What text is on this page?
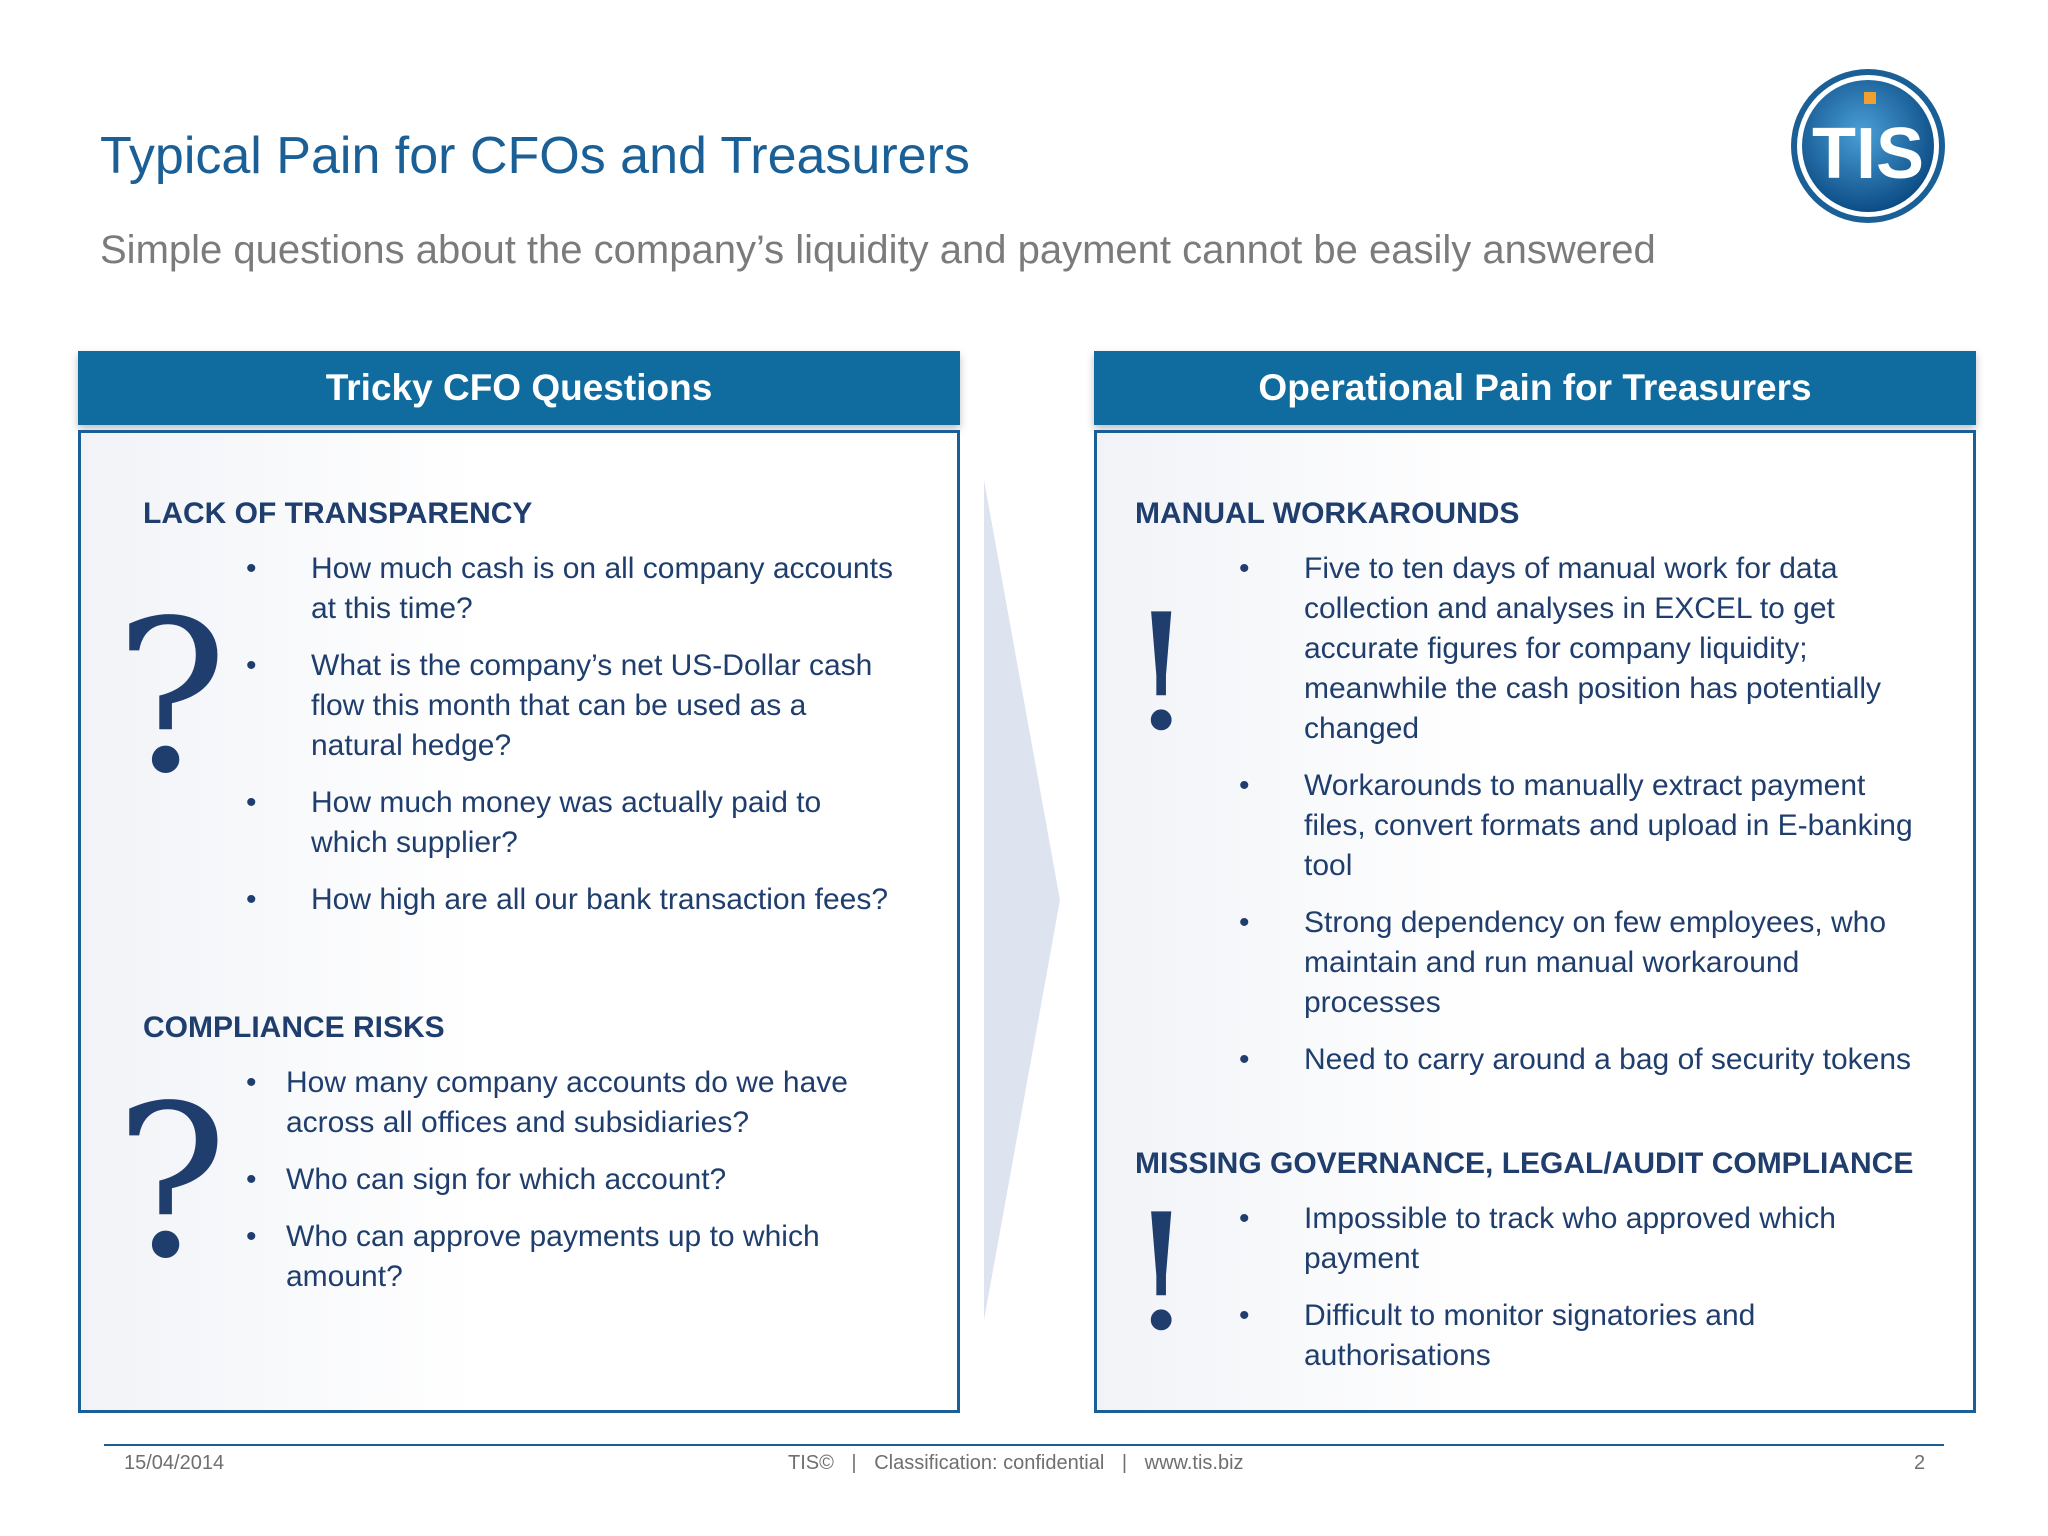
Typical Pain for CFOs and Treasurers
Simple questions about the company’s liquidity and payment cannot be easily answered
TIS
Tricky CFO Questions
LACK OF TRANSPARENCY
?
• How much cash is on all company accounts at this time?
• What is the company’s net US-Dollar cash flow this month that can be used as a natural hedge?
• How much money was actually paid to which supplier?
• How high are all our bank transaction fees?
COMPLIANCE RISKS
?	• How many company accounts do we have across all offices and subsidiaries?
• Who can sign for which account?
• Who can approve payments up to which amount?
Operational Pain for Treasurers
MANUAL WORKAROUNDS
!
• Five to ten days of manual work for data collection and analyses in EXCEL to get accurate figures for company liquidity; meanwhile the cash position has potentially changed
• Workarounds to manually extract payment files, convert formats and upload in E-banking tool
• Strong dependency on few employees, who maintain and run manual workaround processes
• Need to carry around a bag of security tokens
MISSING GOVERNANCE, LEGAL/AUDIT COMPLIANCE
!	• Impossible to track who approved which payment
• Difficult to monitor signatories and authorisations
15/04/2014	TIS© | Classification: confidential | www.tis.biz	2
